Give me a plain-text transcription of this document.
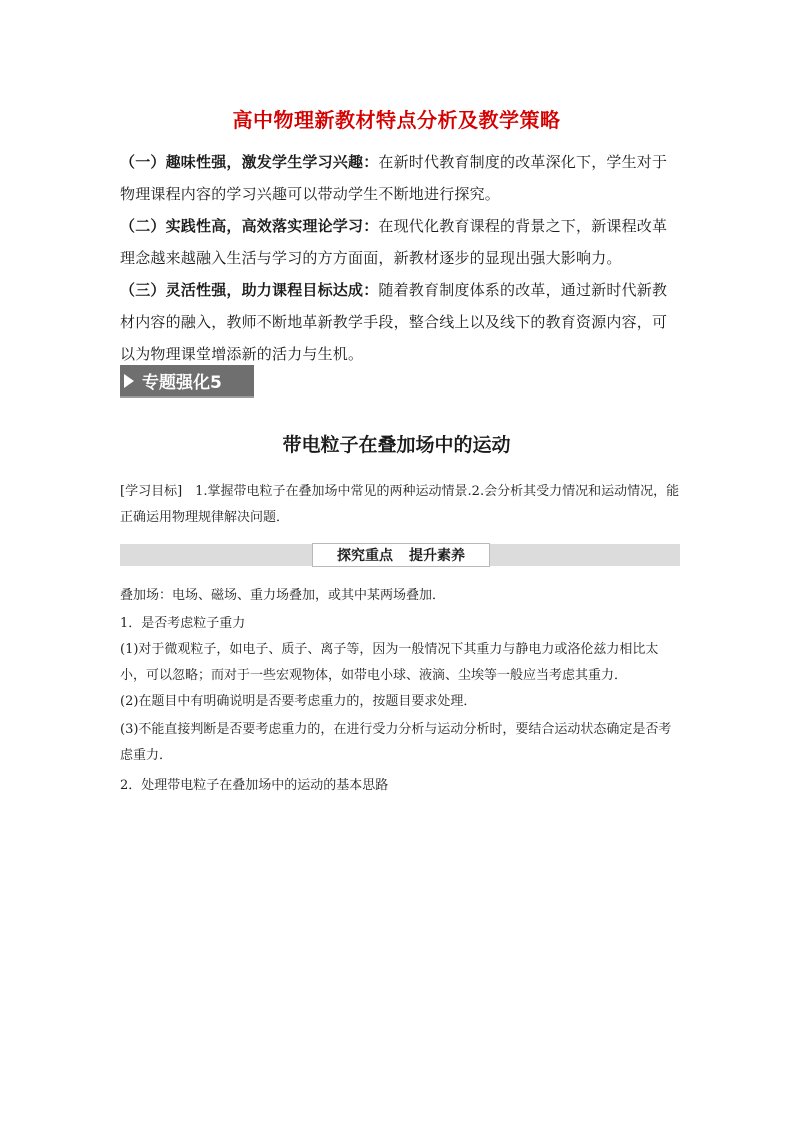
高中物理新教材特点分析及教学策略

（一）趣味性强，激发学生学习兴趣：在新时代教育制度的改革深化下，学生对于物理课程内容的学习兴趣可以带动学生不断地进行探究。

（二）实践性高，高效落实理论学习：在现代化教育课程的背景之下，新课程改革理念越来越融入生活与学习的方方面面，新教材逐步的显现出强大影响力。

（三）灵活性强，助力课程目标达成：随着教育制度体系的改革，通过新时代新教材内容的融入，教师不断地革新教学手段，整合线上以及线下的教育资源内容，可以为物理课堂增添新的活力与生机。

专题强化5
带电粒子在叠加场中的运动

[学习目标]　1.掌握带电粒子在叠加场中常见的两种运动情景.2.会分析其受力情况和运动情况，能正确运用物理规律解决问题．

探究重点 提升素养

叠加场：电场、磁场、重力场叠加，或其中某两场叠加．

1．是否考虑粒子重力

(1)对于微观粒子，如电子、质子、离子等，因为一般情况下其重力与静电力或洛伦兹力相比太小，可以忽略；而对于一些宏观物体，如带电小球、液滴、尘埃等一般应当考虑其重力．

(2)在题目中有明确说明是否要考虑重力的，按题目要求处理．

(3)不能直接判断是否要考虑重力的，在进行受力分析与运动分析时，要结合运动状态确定是否考虑重力．

2．处理带电粒子在叠加场中的运动的基本思路
